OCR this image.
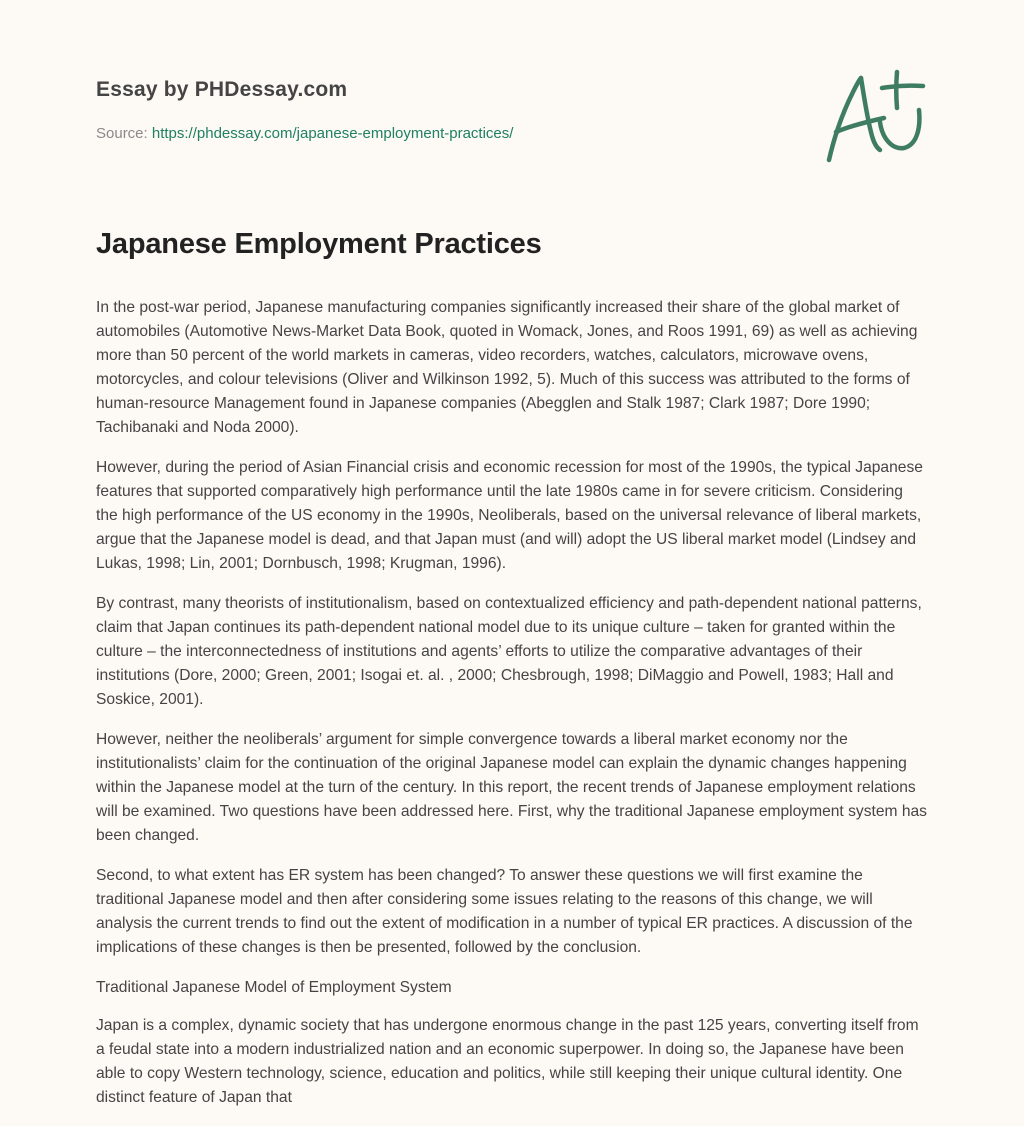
Essay by PHDessay.com
Source: https://phdessay.com/japanese-employment-practices/
Japanese Employment Practices

In the post-war period, Japanese manufacturing companies significantly increased their share of the global market of automobiles (Automotive News-Market Data Book, quoted in Womack, Jones, and Roos 1991, 69) as well as achieving more than 50 percent of the world markets in cameras, video recorders, watches, calculators, microwave ovens, motorcycles, and colour televisions (Oliver and Wilkinson 1992, 5). Much of this success was attributed to the forms of human-resource Management found in Japanese companies (Abegglen and Stalk 1987; Clark 1987; Dore 1990; Tachibanaki and Noda 2000).

However, during the period of Asian Financial crisis and economic recession for most of the 1990s, the typical Japanese features that supported comparatively high performance until the late 1980s came in for severe criticism. Considering the high performance of the US economy in the 1990s, Neoliberals, based on the universal relevance of liberal markets, argue that the Japanese model is dead, and that Japan must (and will) adopt the US liberal market model (Lindsey and Lukas, 1998; Lin, 2001; Dornbusch, 1998; Krugman, 1996).

By contrast, many theorists of institutionalism, based on contextualized efficiency and path-dependent national patterns, claim that Japan continues its path-dependent national model due to its unique culture – taken for granted within the culture – the interconnectedness of institutions and agents’ efforts to utilize the comparative advantages of their institutions (Dore, 2000; Green, 2001; Isogai et. al. , 2000; Chesbrough, 1998; DiMaggio and Powell, 1983; Hall and Soskice, 2001).

However, neither the neoliberals’ argument for simple convergence towards a liberal market economy nor the institutionalists’ claim for the continuation of the original Japanese model can explain the dynamic changes happening within the Japanese model at the turn of the century. In this report, the recent trends of Japanese employment relations will be examined. Two questions have been addressed here. First, why the traditional Japanese employment system has been changed.

Second, to what extent has ER system has been changed? To answer these questions we will first examine the traditional Japanese model and then after considering some issues relating to the reasons of this change, we will analysis the current trends to find out the extent of modification in a number of typical ER practices. A discussion of the implications of these changes is then be presented, followed by the conclusion.

Traditional Japanese Model of Employment System

Japan is a complex, dynamic society that has undergone enormous change in the past 125 years, converting itself from a feudal state into a modern industrialized nation and an economic superpower. In doing so, the Japanese have been able to copy Western technology, science, education and politics, while still keeping their unique cultural identity. One distinct feature of Japan that
